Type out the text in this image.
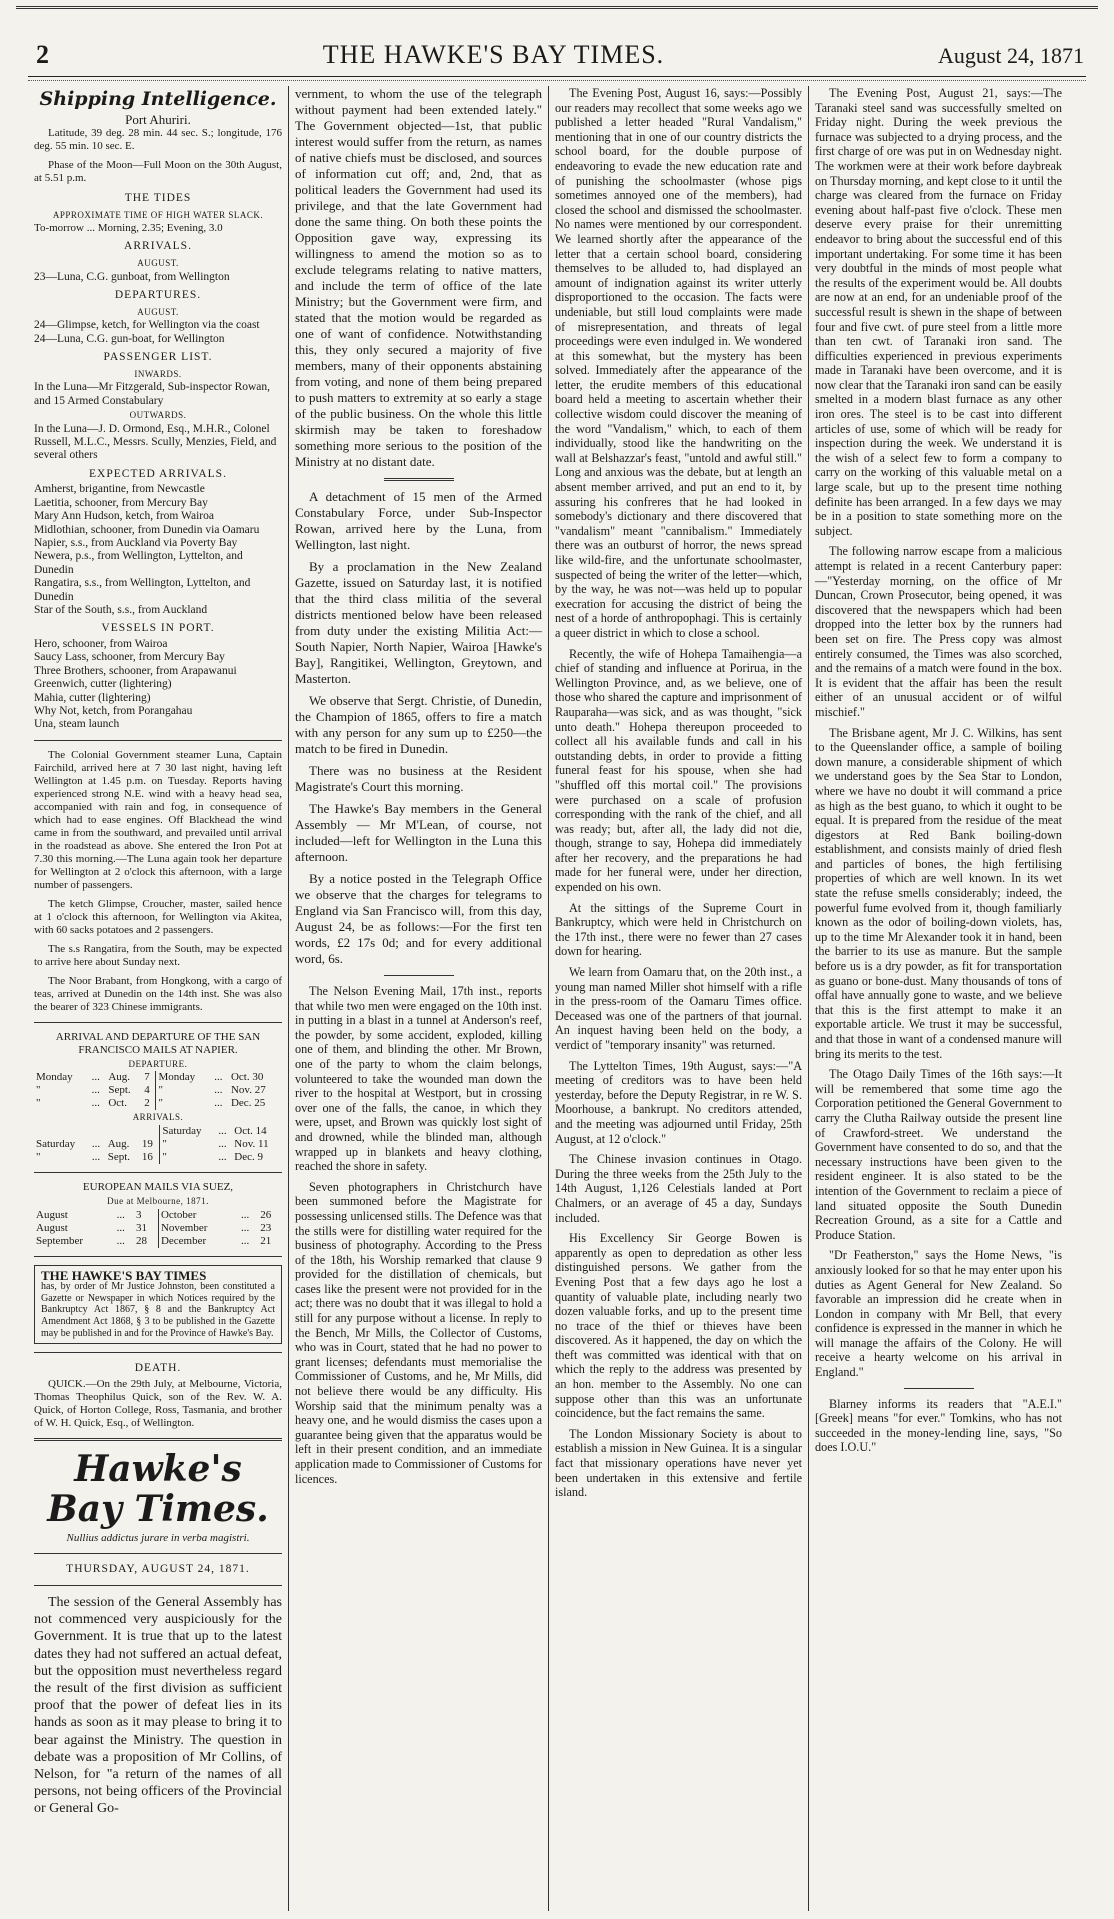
2	THE HAWKE'S BAY TIMES.	August 24, 1871
Shipping Intelligence.
Port Ahuriri.

Latitude, 39 deg. 28 min. 44 sec. S.; longitude, 176 deg. 55 min. 10 sec. E.

Phase of the Moon—Full Moon on the 30th August, at 5.51 p.m.

THE TIDES
APPROXIMATE TIME OF HIGH WATER SLACK.
To-morrow ... Morning, 2.35; Evening, 3.0
ARRIVALS.
AUGUST.
23—Luna, C.G. gunboat, from Wellington
DEPARTURES.
AUGUST.
24—Glimpse, ketch, for Wellington via the coast
24—Luna, C.G. gun-boat, for Wellington
PASSENGER LIST.
INWARDS.
In the Luna—Mr Fitzgerald, Sub-inspector Rowan, and 15 Armed Constabulary
OUTWARDS.
In the Luna—J. D. Ormond, Esq., M.H.R., Colonel Russell, M.L.C., Messrs. Scully, Menzies, Field, and several others
EXPECTED ARRIVALS.
Amherst, brigantine, from Newcastle
Laetitia, schooner, from Mercury Bay
Mary Ann Hudson, ketch, from Wairoa
Midlothian, schooner, from Dunedin via Oamaru
Napier, s.s., from Auckland via Poverty Bay
Newera, p.s., from Wellington, Lyttelton, and Dunedin
Rangatira, s.s., from Wellington, Lyttelton, and Dunedin
Star of the South, s.s., from Auckland
VESSELS IN PORT.
Hero, schooner, from Wairoa
Saucy Lass, schooner, from Mercury Bay
Three Brothers, schooner, from Arapawanui
Greenwich, cutter (lightering)
Mahia, cutter (lightering)
Why Not, ketch, from Porangahau
Una, steam launch

The Colonial Government steamer Luna, Captain Fairchild, arrived here at 7 30 last night, having left Wellington at 1.45 p.m. on Tuesday. Reports having experienced strong N.E. wind with a heavy head sea, accompanied with rain and fog, in consequence of which had to ease engines. Off Blackhead the wind came in from the southward, and prevailed until arrival in the roadstead as above. She entered the Iron Pot at 7.30 this morning.—The Luna again took her departure for Wellington at 2 o'clock this afternoon, with a large number of passengers.

The ketch Glimpse, Croucher, master, sailed hence at 1 o'clock this afternoon, for Wellington via Akitea, with 60 sacks potatoes and 2 passengers.

The s.s Rangatira, from the South, may be expected to arrive here about Sunday next.

The Noor Brabant, from Hongkong, with a cargo of teas, arrived at Dunedin on the 14th inst. She was also the bearer of 323 Chinese immigrants.

ARRIVAL AND DEPARTURE OF THE SAN FRANCISCO MAILS AT NAPIER.
DEPARTURE.
Monday	...	Aug.	7	Monday	...	Oct. 30
"	...	Sept.	4	"	...	Nov. 27
"	...	Oct.	2	"	...	Dec. 25
ARRIVALS.
				Saturday	...	Oct. 14
Saturday	...	Aug.	19	"	...	Nov. 11
"	...	Sept.	16	"	...	Dec. 9
EUROPEAN MAILS VIA SUEZ,
Due at Melbourne, 1871.
August	...	3	October	...	26
August	...	31	November	...	23
September	...	28	December	...	21
THE HAWKE'S BAY TIMES
has, by order of Mr Justice Johnston, been constituted a Gazette or Newspaper in which Notices required by the Bankruptcy Act 1867, § 8 and the Bankruptcy Act Amendment Act 1868, § 3 to be published in the Gazette may be published in and for the Province of Hawke's Bay.
DEATH.

QUICK.—On the 29th July, at Melbourne, Victoria, Thomas Theophilus Quick, son of the Rev. W. A. Quick, of Horton College, Ross, Tasmania, and brother of W. H. Quick, Esq., of Wellington.

Hawke's Bay Times.
Nullius addictus jurare in verba magistri.
THURSDAY, AUGUST 24, 1871.

The session of the General Assembly has not commenced very auspiciously for the Government. It is true that up to the latest dates they had not suffered an actual defeat, but the opposition must nevertheless regard the result of the first division as sufficient proof that the power of defeat lies in its hands as soon as it may please to bring it to bear against the Ministry. The question in debate was a proposition of Mr Collins, of Nelson, for "a return of the names of all persons, not being officers of the Provincial or General Go-

vernment, to whom the use of the telegraph without payment had been extended lately." The Government objected—1st, that public interest would suffer from the return, as names of native chiefs must be disclosed, and sources of information cut off; and, 2nd, that as political leaders the Government had used its privilege, and that the late Government had done the same thing. On both these points the Opposition gave way, expressing its willingness to amend the motion so as to exclude telegrams relating to native matters, and include the term of office of the late Ministry; but the Government were firm, and stated that the motion would be regarded as one of want of confidence. Notwithstanding this, they only secured a majority of five members, many of their opponents abstaining from voting, and none of them being prepared to push matters to extremity at so early a stage of the public business. On the whole this little skirmish may be taken to foreshadow something more serious to the position of the Ministry at no distant date.

A detachment of 15 men of the Armed Constabulary Force, under Sub-Inspector Rowan, arrived here by the Luna, from Wellington, last night.

By a proclamation in the New Zealand Gazette, issued on Saturday last, it is notified that the third class militia of the several districts mentioned below have been released from duty under the existing Militia Act:—South Napier, North Napier, Wairoa [Hawke's Bay], Rangitikei, Wellington, Greytown, and Masterton.

We observe that Sergt. Christie, of Dunedin, the Champion of 1865, offers to fire a match with any person for any sum up to £250—the match to be fired in Dunedin.

There was no business at the Resident Magistrate's Court this morning.

The Hawke's Bay members in the General Assembly — Mr M'Lean, of course, not included—left for Wellington in the Luna this afternoon.

By a notice posted in the Telegraph Office we observe that the charges for telegrams to England via San Francisco will, from this day, August 24, be as follows:—For the first ten words, £2 17s 0d; and for every additional word, 6s.

The Nelson Evening Mail, 17th inst., reports that while two men were engaged on the 10th inst. in putting in a blast in a tunnel at Anderson's reef, the powder, by some accident, exploded, killing one of them, and blinding the other. Mr Brown, one of the party to whom the claim belongs, volunteered to take the wounded man down the river to the hospital at Westport, but in crossing over one of the falls, the canoe, in which they were, upset, and Brown was quickly lost sight of and drowned, while the blinded man, although wrapped up in blankets and heavy clothing, reached the shore in safety.

Seven photographers in Christchurch have been summoned before the Magistrate for possessing unlicensed stills. The Defence was that the stills were for distilling water required for the business of photography. According to the Press of the 18th, his Worship remarked that clause 9 provided for the distillation of chemicals, but cases like the present were not provided for in the act; there was no doubt that it was illegal to hold a still for any purpose without a license. In reply to the Bench, Mr Mills, the Collector of Customs, who was in Court, stated that he had no power to grant licenses; defendants must memorialise the Commissioner of Customs, and he, Mr Mills, did not believe there would be any difficulty. His Worship said that the minimum penalty was a heavy one, and he would dismiss the cases upon a guarantee being given that the apparatus would be left in their present condition, and an immediate application made to Commissioner of Customs for licences.

The Evening Post, August 16, says:—Possibly our readers may recollect that some weeks ago we published a letter headed "Rural Vandalism," mentioning that in one of our country districts the school board, for the double purpose of endeavoring to evade the new education rate and of punishing the schoolmaster (whose pigs sometimes annoyed one of the members), had closed the school and dismissed the schoolmaster. No names were mentioned by our correspondent. We learned shortly after the appearance of the letter that a certain school board, considering themselves to be alluded to, had displayed an amount of indignation against its writer utterly disproportioned to the occasion. The facts were undeniable, but still loud complaints were made of misrepresentation, and threats of legal proceedings were even indulged in. We wondered at this somewhat, but the mystery has been solved. Immediately after the appearance of the letter, the erudite members of this educational board held a meeting to ascertain whether their collective wisdom could discover the meaning of the word "Vandalism," which, to each of them individually, stood like the handwriting on the wall at Belshazzar's feast, "untold and awful still." Long and anxious was the debate, but at length an absent member arrived, and put an end to it, by assuring his confreres that he had looked in somebody's dictionary and there discovered that "vandalism" meant "cannibalism." Immediately there was an outburst of horror, the news spread like wild-fire, and the unfortunate schoolmaster, suspected of being the writer of the letter—which, by the way, he was not—was held up to popular execration for accusing the district of being the nest of a horde of anthropophagi. This is certainly a queer district in which to close a school.

Recently, the wife of Hohepa Tamaihengia—a chief of standing and influence at Porirua, in the Wellington Province, and, as we believe, one of those who shared the capture and imprisonment of Rauparaha—was sick, and as was thought, "sick unto death." Hohepa thereupon proceeded to collect all his available funds and call in his outstanding debts, in order to provide a fitting funeral feast for his spouse, when she had "shuffled off this mortal coil." The provisions were purchased on a scale of profusion corresponding with the rank of the chief, and all was ready; but, after all, the lady did not die, though, strange to say, Hohepa did immediately after her recovery, and the preparations he had made for her funeral were, under her direction, expended on his own.

At the sittings of the Supreme Court in Bankruptcy, which were held in Christchurch on the 17th inst., there were no fewer than 27 cases down for hearing.

We learn from Oamaru that, on the 20th inst., a young man named Miller shot himself with a rifle in the press-room of the Oamaru Times office. Deceased was one of the partners of that journal. An inquest having been held on the body, a verdict of "temporary insanity" was returned.

The Lyttelton Times, 19th August, says:—"A meeting of creditors was to have been held yesterday, before the Deputy Registrar, in re W. S. Moorhouse, a bankrupt. No creditors attended, and the meeting was adjourned until Friday, 25th August, at 12 o'clock."

The Chinese invasion continues in Otago. During the three weeks from the 25th July to the 14th August, 1,126 Celestials landed at Port Chalmers, or an average of 45 a day, Sundays included.

His Excellency Sir George Bowen is apparently as open to depredation as other less distinguished persons. We gather from the Evening Post that a few days ago he lost a quantity of valuable plate, including nearly two dozen valuable forks, and up to the present time no trace of the thief or thieves have been discovered. As it happened, the day on which the theft was committed was identical with that on which the reply to the address was presented by an hon. member to the Assembly. No one can suppose other than this was an unfortunate coincidence, but the fact remains the same.

The London Missionary Society is about to establish a mission in New Guinea. It is a singular fact that missionary operations have never yet been undertaken in this extensive and fertile island.

The Evening Post, August 21, says:—The Taranaki steel sand was successfully smelted on Friday night. During the week previous the furnace was subjected to a drying process, and the first charge of ore was put in on Wednesday night. The workmen were at their work before daybreak on Thursday morning, and kept close to it until the charge was cleared from the furnace on Friday evening about half-past five o'clock. These men deserve every praise for their unremitting endeavor to bring about the successful end of this important undertaking. For some time it has been very doubtful in the minds of most people what the results of the experiment would be. All doubts are now at an end, for an undeniable proof of the successful result is shewn in the shape of between four and five cwt. of pure steel from a little more than ten cwt. of Taranaki iron sand. The difficulties experienced in previous experiments made in Taranaki have been overcome, and it is now clear that the Taranaki iron sand can be easily smelted in a modern blast furnace as any other iron ores. The steel is to be cast into different articles of use, some of which will be ready for inspection during the week. We understand it is the wish of a select few to form a company to carry on the working of this valuable metal on a large scale, but up to the present time nothing definite has been arranged. In a few days we may be in a position to state something more on the subject.

The following narrow escape from a malicious attempt is related in a recent Canterbury paper:—"Yesterday morning, on the office of Mr Duncan, Crown Prosecutor, being opened, it was discovered that the newspapers which had been dropped into the letter box by the runners had been set on fire. The Press copy was almost entirely consumed, the Times was also scorched, and the remains of a match were found in the box. It is evident that the affair has been the result either of an unusual accident or of wilful mischief."

The Brisbane agent, Mr J. C. Wilkins, has sent to the Queenslander office, a sample of boiling down manure, a considerable shipment of which we understand goes by the Sea Star to London, where we have no doubt it will command a price as high as the best guano, to which it ought to be equal. It is prepared from the residue of the meat digestors at Red Bank boiling-down establishment, and consists mainly of dried flesh and particles of bones, the high fertilising properties of which are well known. In its wet state the refuse smells considerably; indeed, the powerful fume evolved from it, though familiarly known as the odor of boiling-down violets, has, up to the time Mr Alexander took it in hand, been the barrier to its use as manure. But the sample before us is a dry powder, as fit for transportation as guano or bone-dust. Many thousands of tons of offal have annually gone to waste, and we believe that this is the first attempt to make it an exportable article. We trust it may be successful, and that those in want of a condensed manure will bring its merits to the test.

The Otago Daily Times of the 16th says:—It will be remembered that some time ago the Corporation petitioned the General Government to carry the Clutha Railway outside the present line of Crawford-street. We understand the Government have consented to do so, and that the necessary instructions have been given to the resident engineer. It is also stated to be the intention of the Government to reclaim a piece of land situated opposite the South Dunedin Recreation Ground, as a site for a Cattle and Produce Station.

"Dr Featherston," says the Home News, "is anxiously looked for so that he may enter upon his duties as Agent General for New Zealand. So favorable an impression did he create when in London in company with Mr Bell, that every confidence is expressed in the manner in which he will manage the affairs of the Colony. He will receive a hearty welcome on his arrival in England."

Blarney informs its readers that "A.E.I." [Greek] means "for ever." Tomkins, who has not succeeded in the money-lending line, says, "So does I.O.U."
